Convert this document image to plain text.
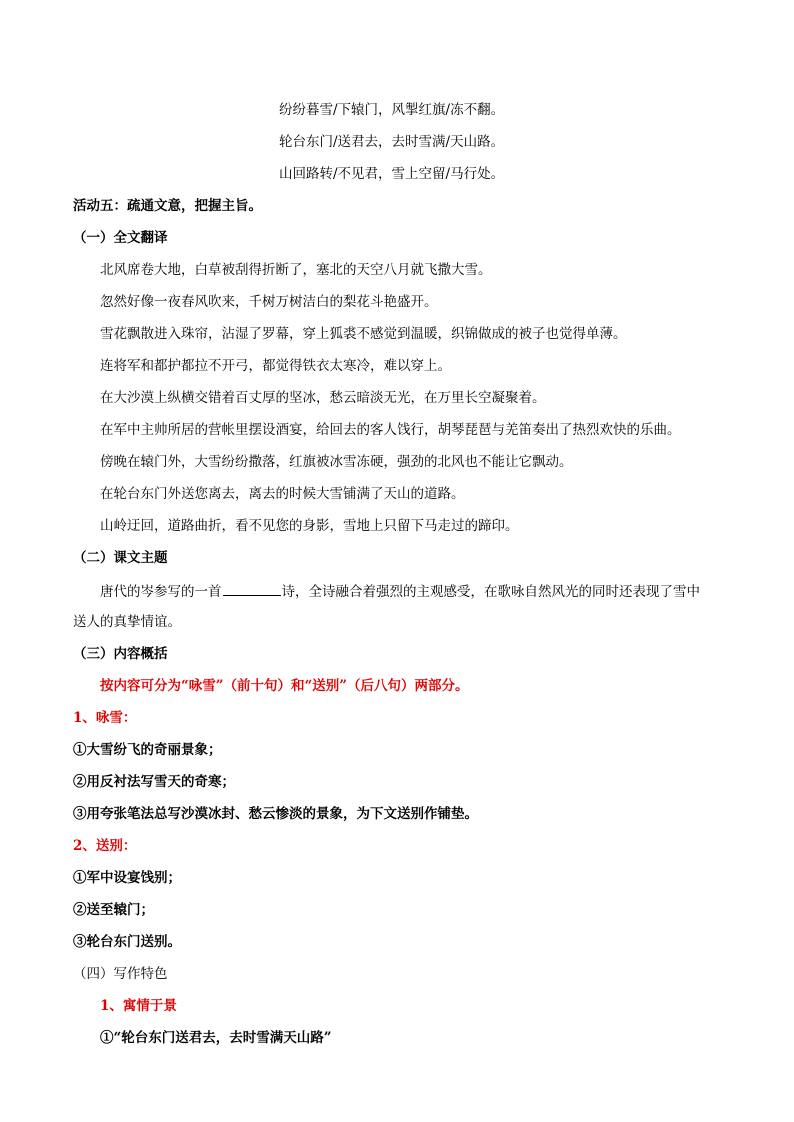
纷纷暮雪/下辕门，风掣红旗/冻不翻。
轮台东门/送君去，去时雪满/天山路。
山回路转/不见君，雪上空留/马行处。
活动五：疏通文意，把握主旨。
（一）全文翻译
北风席卷大地，白草被刮得折断了，塞北的天空八月就飞撒大雪。
忽然好像一夜春风吹来，千树万树洁白的梨花斗艳盛开。
雪花飘散进入珠帘，沾湿了罗幕，穿上狐裘不感觉到温暖，织锦做成的被子也觉得单薄。
连将军和都护都拉不开弓，都觉得铁衣太寒冷，难以穿上。
在大沙漠上纵横交错着百丈厚的坚冰，愁云暗淡无光，在万里长空凝聚着。
在军中主帅所居的营帐里摆设酒宴，给回去的客人饯行，胡琴琵琶与羌笛奏出了热烈欢快的乐曲。
傍晚在辕门外，大雪纷纷撒落，红旗被冰雪冻硬，强劲的北风也不能让它飘动。
在轮台东门外送您离去，离去的时候大雪铺满了天山的道路。
山岭迂回，道路曲折，看不见您的身影，雪地上只留下马走过的蹄印。
（二）课文主题
唐代的岑参写的一首	诗，全诗融合着强烈的主观感受，在歌咏自然风光的同时还表现了雪中
送人的真挚情谊。
（三）内容概括
按内容可分为“咏雪”（前十句）和“送别”（后八句）两部分。
1、咏雪：
①大雪纷飞的奇丽景象；
②用反衬法写雪天的奇寒；
③用夸张笔法总写沙漠冰封、愁云惨淡的景象，为下文送别作铺垫。
2、送别：
①军中设宴饯别；
②送至辕门；
③轮台东门送别。
（四）写作特色
1、寓情于景
①“轮台东门送君去，去时雪满天山路”
